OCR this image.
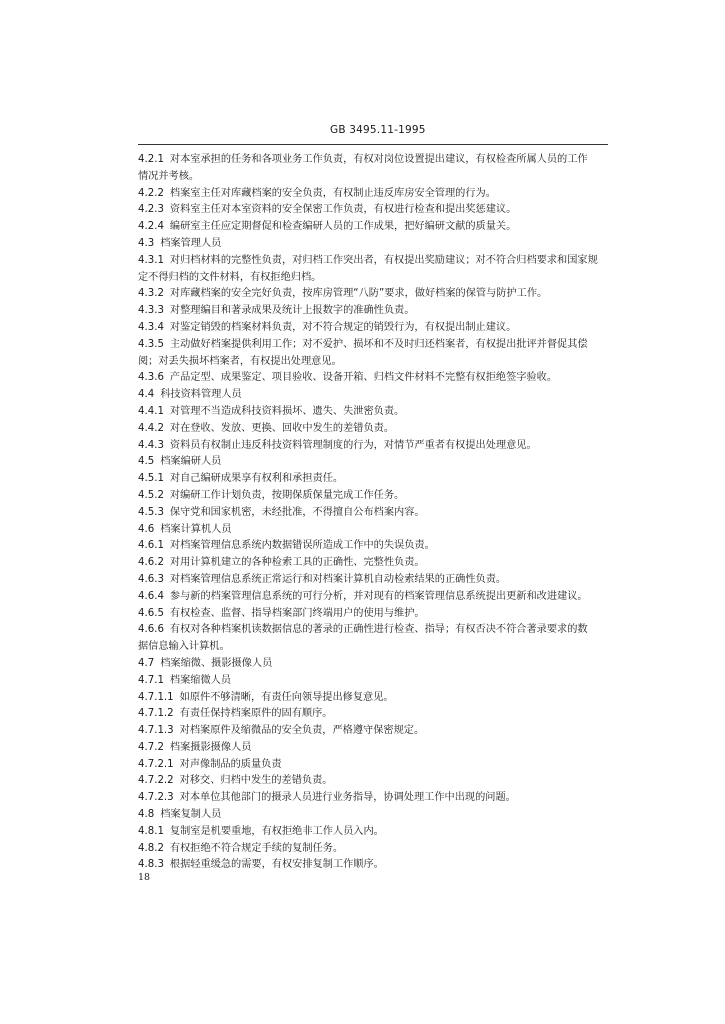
GB 3495.11-1995
4.2.1 对本室承担的任务和各项业务工作负责，有权对岗位设置提出建议，有权检查所属人员的工作
情况并考核。
4.2.2 档案室主任对库藏档案的安全负责，有权制止违反库房安全管理的行为。
4.2.3 资料室主任对本室资料的安全保密工作负责，有权进行检查和提出奖惩建议。
4.2.4 编研室主任应定期督促和检查编研人员的工作成果，把好编研文献的质量关。
4.3 档案管理人员
4.3.1 对归档材料的完整性负责，对归档工作突出者，有权提出奖励建议；对不符合归档要求和国家规
定不得归档的文件材料，有权拒绝归档。
4.3.2 对库藏档案的安全完好负责，按库房管理“八防”要求，做好档案的保管与防护工作。
4.3.3 对整理编目和著录成果及统计上报数字的准确性负责。
4.3.4 对鉴定销毁的档案材料负责，对不符合规定的销毁行为，有权提出制止建议。
4.3.5 主动做好档案提供利用工作；对不爱护、损坏和不及时归还档案者，有权提出批评并督促其偿
阅；对丢失损坏档案者，有权提出处理意见。
4.3.6 产品定型、成果鉴定、项目验收、设备开箱、归档文件材料不完整有权拒绝签字验收。
4.4 科技资料管理人员
4.4.1 对管理不当造成科技资料损坏、遗失、失泄密负责。
4.4.2 对在登收、发放、更换、回收中发生的差错负责。
4.4.3 资料员有权制止违反科技资料管理制度的行为，对情节严重者有权提出处理意见。
4.5 档案编研人员
4.5.1 对自己编研成果享有权利和承担责任。
4.5.2 对编研工作计划负责，按期保质保量完成工作任务。
4.5.3 保守党和国家机密，未经批准，不得擅自公布档案内容。
4.6 档案计算机人员
4.6.1 对档案管理信息系统内数据错误所造成工作中的失误负责。
4.6.2 对用计算机建立的各种检索工具的正确性、完整性负责。
4.6.3 对档案管理信息系统正常运行和对档案计算机自动检索结果的正确性负责。
4.6.4 参与新的档案管理信息系统的可行分析，并对现有的档案管理信息系统提出更新和改进建议。
4.6.5 有权检查、监督、指导档案部门终端用户的使用与维护。
4.6.6 有权对各种档案机读数据信息的著录的正确性进行检查、指导；有权否决不符合著录要求的数
据信息输入计算机。
4.7 档案缩微、摄影摄像人员
4.7.1 档案缩微人员
4.7.1.1 如原件不够清晰，有责任向领导提出修复意见。
4.7.1.2 有责任保持档案原件的固有顺序。
4.7.1.3 对档案原件及缩微品的安全负责，严格遵守保密规定。
4.7.2 档案摄影摄像人员
4.7.2.1 对声像制品的质量负责
4.7.2.2 对移交、归档中发生的差错负责。
4.7.2.3 对本单位其他部门的摄录人员进行业务指导，协调处理工作中出现的问题。
4.8 档案复制人员
4.8.1 复制室是机要重地，有权拒绝非工作人员入内。
4.8.2 有权拒绝不符合规定手续的复制任务。
4.8.3 根据轻重缓急的需要，有权安排复制工作顺序。
18
